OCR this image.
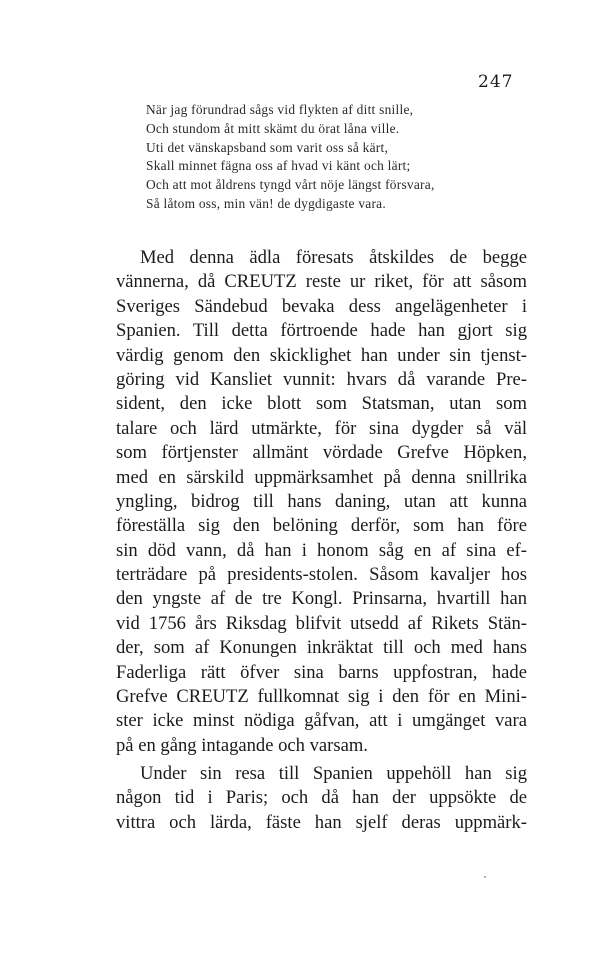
247
När jag förundrad sågs vid flykten af ditt snille,
Och stundom åt mitt skämt du örat låna ville.
Uti det vänskapsband som varit oss så kärt,
Skall minnet fägna oss af hvad vi känt och lärt;
Och att mot åldrens tyngd vårt nöje längst försvara,
Så låtom oss, min vän! de dygdigaste vara.
Med denna ädla föresats åtskildes de begge
vännerna, då CREUTZ reste ur riket, för att såsom
Sveriges Sändebud bevaka dess angelägenheter i
Spanien. Till detta förtroende hade han gjort sig
värdig genom den skicklighet han under sin tjenst-
göring vid Kansliet vunnit: hvars då varande Pre-
sident, den icke blott som Statsman, utan som
talare och lärd utmärkte, för sina dygder så väl
som förtjenster allmänt vördade Grefve Höpken,
med en särskild uppmärksamhet på denna snillrika
yngling, bidrog till hans daning, utan att kunna
föreställa sig den belöning derför, som han före
sin död vann, då han i honom såg en af sina ef-
terträdare på presidents-stolen. Såsom kavaljer hos
den yngste af de tre Kongl. Prinsarna, hvartill han
vid 1756 års Riksdag blifvit utsedd af Rikets Stän-
der, som af Konungen inkräktat till och med hans
Faderliga rätt öfver sina barns uppfostran, hade
Grefve CREUTZ fullkomnat sig i den för en Mini-
ster icke minst nödiga gåfvan, att i umgänget vara
på en gång intagande och varsam.
Under sin resa till Spanien uppehöll han sig
någon tid i Paris; och då han der uppsökte de
vittra och lärda, fäste han sjelf deras uppmärk-
